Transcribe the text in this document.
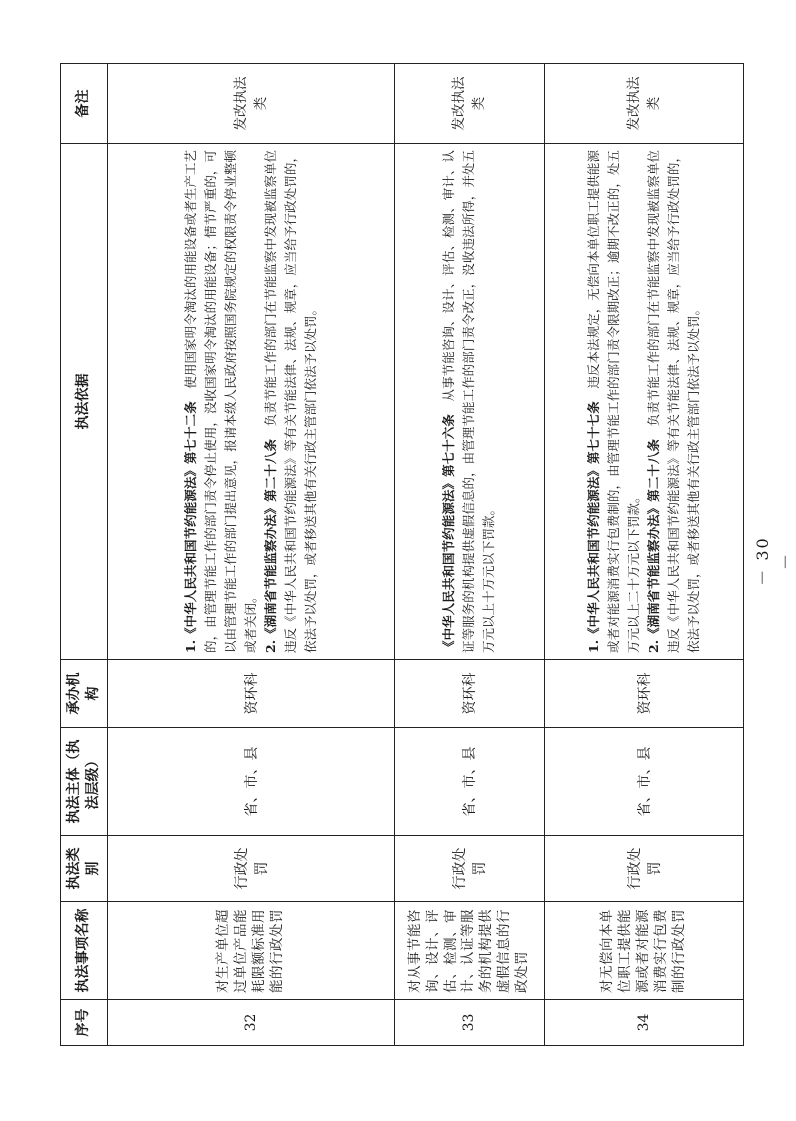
序号	执法事项名称	执法类别	执法主体（执法层级）	承办机构	执法依据	备注
32	对生产单位超过单位产品能耗限额标准用能的行政处罚	行政处罚	省、市、县	资环科	1.《中华人民共和国节约能源法》第七十二条　使用国家明令淘汰的用能设备或者生产工艺的，由管理节能工作的部门责令停止使用，没收国家明令淘汰的用能设备；情节严重的，可以由管理节能工作的部门提出意见，报请本级人民政府按照国务院规定的权限责令停业整顿或者关闭。 2.《湖南省节能监察办法》第二十八条　负责节能工作的部门在节能监察中发现被监察单位违反《中华人民共和国节约能源法》等有关节能法律、法规、规章，应当给予行政处罚的，依法予以处罚，或者移送其他有关行政主管部门依法予以处罚。	发改执法类
33	对从事节能咨询、设计、评估、检测、审计、认证等服务的机构提供虚假信息的行政处罚	行政处罚	省、市、县	资环科	《中华人民共和国节约能源法》第七十六条　从事节能咨询、设计、评估、检测、审计、认证等服务的机构提供虚假信息的，由管理节能工作的部门责令改正，没收违法所得，并处五万元以上十万元以下罚款。	发改执法类
34	对无偿向本单位职工提供能源或者对能源消费实行包费制的行政处罚	行政处罚	省、市、县	资环科	1.《中华人民共和国节约能源法》第七十七条　违反本法规定，无偿向本单位职工提供能源或者对能源消费实行包费制的，由管理节能工作的部门责令限期改正；逾期不改正的，处五万元以上二十万元以下罚款。 2.《湖南省节能监察办法》第二十八条　负责节能工作的部门在节能监察中发现被监察单位违反《中华人民共和国节约能源法》等有关节能法律、法规、规章，应当给予行政处罚的，依法予以处罚，或者移送其他有关行政主管部门依法予以处罚。	发改执法类
－ 30 －
